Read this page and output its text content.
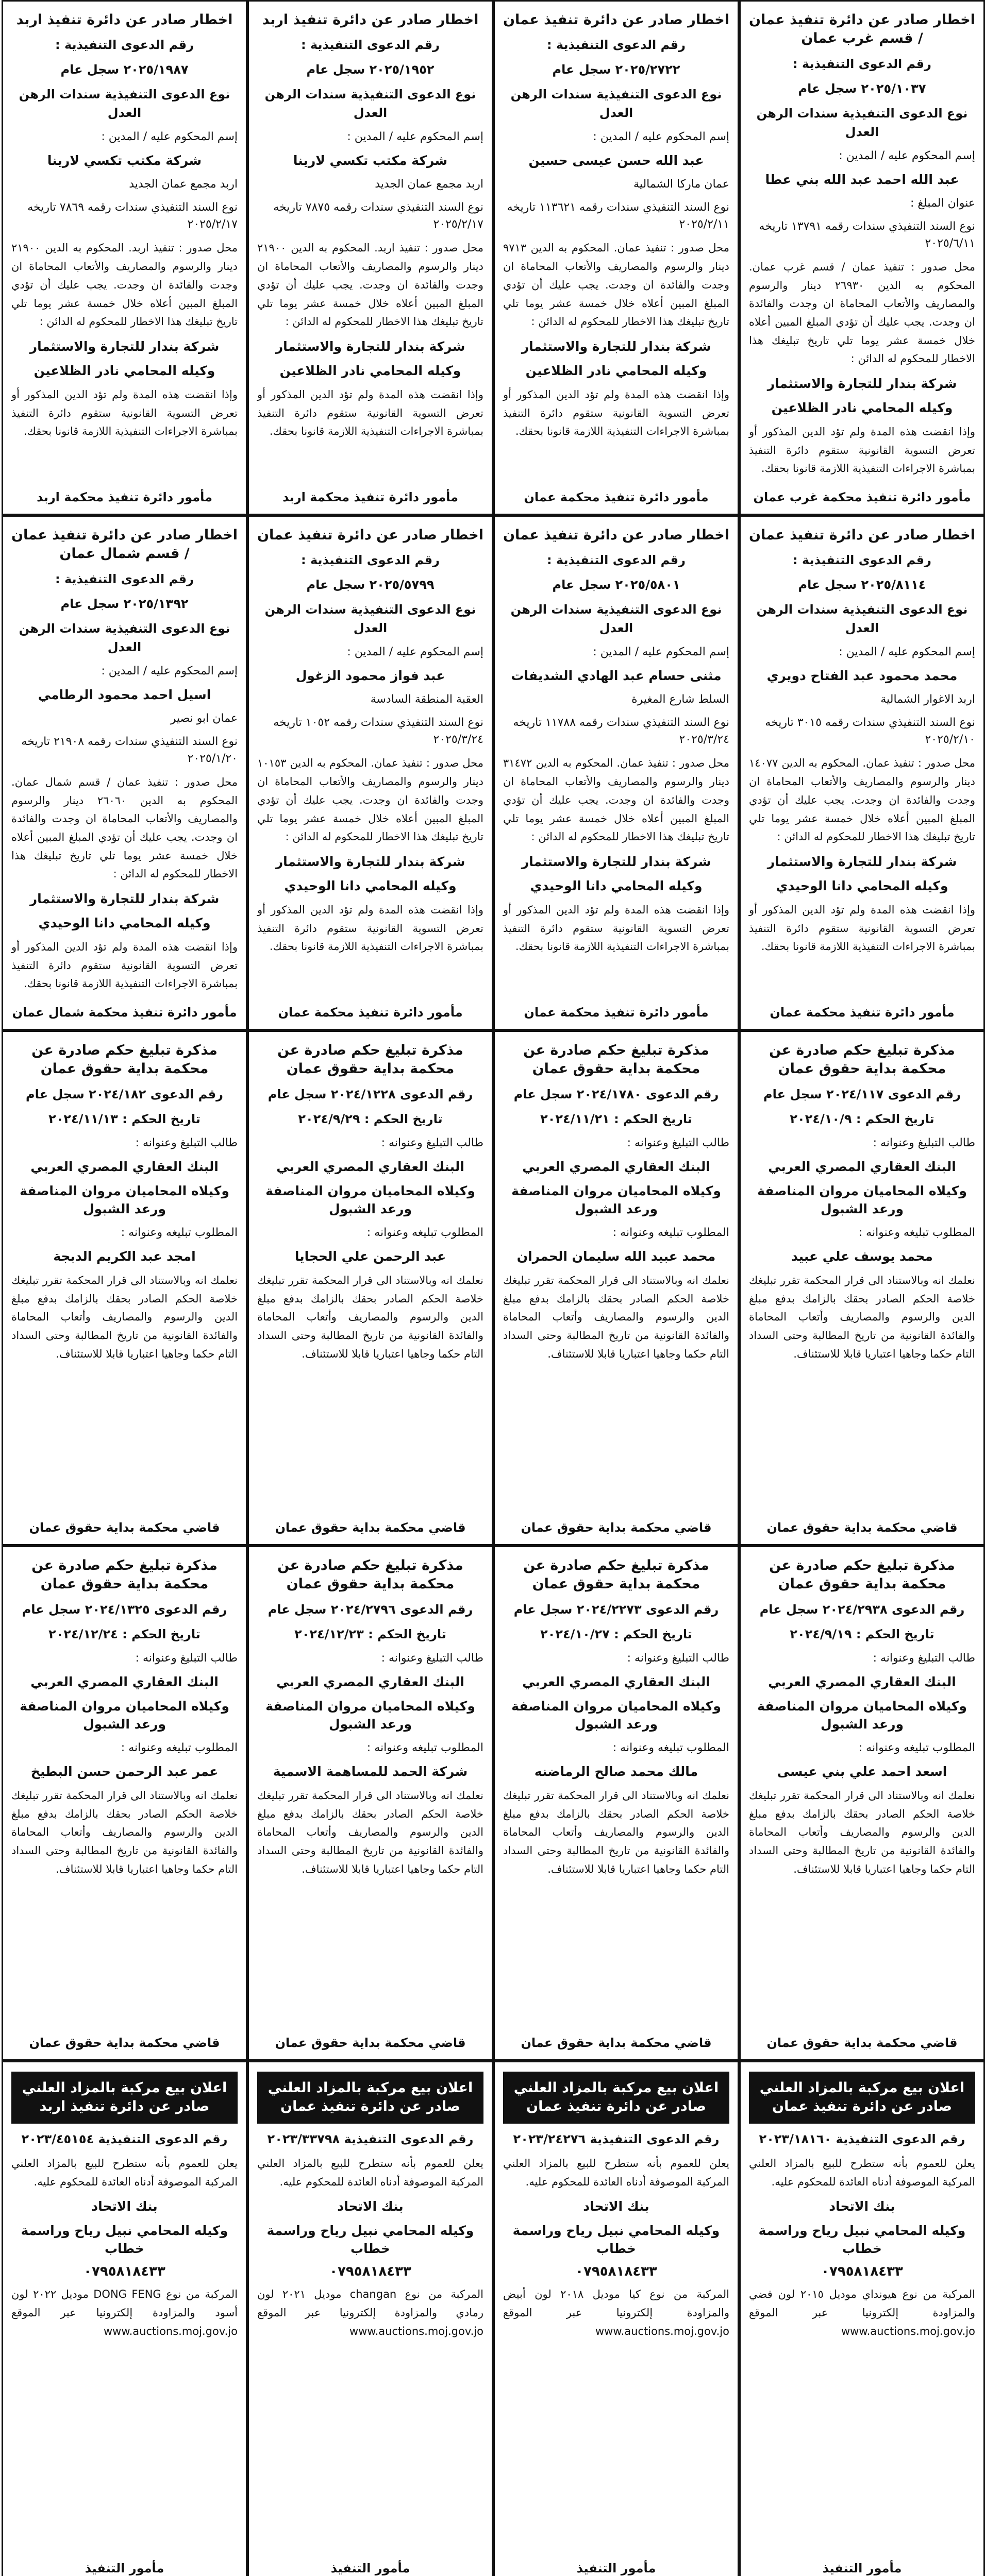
اخطار صادر عن دائرة تنفيذ عمان / قسم غرب عمان
رقم الدعوى التنفيذية :
٢٠٢٥/١٠٣٧ سجل عام
نوع الدعوى التنفيذية سندات الرهن العدل
إسم المحكوم عليه / المدين :
عبد الله احمد عبد الله بني عطا
عنوان المبلغ :
نوع السند التنفيذي سندات رقمه ١٣٧٩١ تاريخه ٢٠٢٥/٦/١١
محل صدور : تنفيذ عمان / قسم غرب عمان. المحكوم به الدين ٢٦٩٣٠ دينار والرسوم والمصاريف والأتعاب المحاماة ان وجدت والفائدة ان وجدت. يجب عليك أن تؤدي المبلغ المبين أعلاه خلال خمسة عشر يوما تلي تاريخ تبليغك هذا الاخطار للمحكوم له الدائن :
شركة بندار للتجارة والاستثمار
وكيله المحامي نادر الظلاعين
وإذا انقضت هذه المدة ولم تؤد الدين المذكور أو تعرض التسوية القانونية ستقوم دائرة التنفيذ بمباشرة الاجراءات التنفيذية اللازمة قانونا بحقك.
مأمور دائرة تنفيذ محكمة غرب عمان
اخطار صادر عن دائرة تنفيذ عمان
رقم الدعوى التنفيذية :
٢٠٢٥/٢٧٢٢ سجل عام
نوع الدعوى التنفيذية سندات الرهن العدل
إسم المحكوم عليه / المدين :
عبد الله حسن عيسى حسين
عمان ماركا الشمالية
نوع السند التنفيذي سندات رقمه ١١٣٦٢١ تاريخه ٢٠٢٥/٢/١١
محل صدور : تنفيذ عمان. المحكوم به الدين ٩٧١٣ دينار والرسوم والمصاريف والأتعاب المحاماة ان وجدت والفائدة ان وجدت. يجب عليك أن تؤدي المبلغ المبين أعلاه خلال خمسة عشر يوما تلي تاريخ تبليغك هذا الاخطار للمحكوم له الدائن :
شركة بندار للتجارة والاستثمار
وكيله المحامي نادر الظلاعين
وإذا انقضت هذه المدة ولم تؤد الدين المذكور أو تعرض التسوية القانونية ستقوم دائرة التنفيذ بمباشرة الاجراءات التنفيذية اللازمة قانونا بحقك.
مأمور دائرة تنفيذ محكمة عمان
اخطار صادر عن دائرة تنفيذ اربد
رقم الدعوى التنفيذية :
٢٠٢٥/١٩٥٢ سجل عام
نوع الدعوى التنفيذية سندات الرهن العدل
إسم المحكوم عليه / المدين :
شركة مكتب تكسي لارينا
اربد مجمع عمان الجديد
نوع السند التنفيذي سندات رقمه ٧٨٧٥ تاريخه ٢٠٢٥/٢/١٧
محل صدور : تنفيذ اربد. المحكوم به الدين ٢١٩٠٠ دينار والرسوم والمصاريف والأتعاب المحاماة ان وجدت والفائدة ان وجدت. يجب عليك أن تؤدي المبلغ المبين أعلاه خلال خمسة عشر يوما تلي تاريخ تبليغك هذا الاخطار للمحكوم له الدائن :
شركة بندار للتجارة والاستثمار
وكيله المحامي نادر الظلاعين
وإذا انقضت هذه المدة ولم تؤد الدين المذكور أو تعرض التسوية القانونية ستقوم دائرة التنفيذ بمباشرة الاجراءات التنفيذية اللازمة قانونا بحقك.
مأمور دائرة تنفيذ محكمة اربد
اخطار صادر عن دائرة تنفيذ اربد
رقم الدعوى التنفيذية :
٢٠٢٥/١٩٨٧ سجل عام
نوع الدعوى التنفيذية سندات الرهن العدل
إسم المحكوم عليه / المدين :
شركة مكتب تكسي لارينا
اربد مجمع عمان الجديد
نوع السند التنفيذي سندات رقمه ٧٨٦٩ تاريخه ٢٠٢٥/٢/١٧
محل صدور : تنفيذ اربد. المحكوم به الدين ٢١٩٠٠ دينار والرسوم والمصاريف والأتعاب المحاماة ان وجدت والفائدة ان وجدت. يجب عليك أن تؤدي المبلغ المبين أعلاه خلال خمسة عشر يوما تلي تاريخ تبليغك هذا الاخطار للمحكوم له الدائن :
شركة بندار للتجارة والاستثمار
وكيله المحامي نادر الظلاعين
وإذا انقضت هذه المدة ولم تؤد الدين المذكور أو تعرض التسوية القانونية ستقوم دائرة التنفيذ بمباشرة الاجراءات التنفيذية اللازمة قانونا بحقك.
مأمور دائرة تنفيذ محكمة اربد
اخطار صادر عن دائرة تنفيذ عمان
رقم الدعوى التنفيذية :
٢٠٢٥/٨١١٤ سجل عام
نوع الدعوى التنفيذية سندات الرهن العدل
إسم المحكوم عليه / المدين :
محمد محمود عبد الفتاح دويري
اربد الاغوار الشمالية
نوع السند التنفيذي سندات رقمه ٣٠١٥ تاريخه ٢٠٢٥/٢/١٠
محل صدور : تنفيذ عمان. المحكوم به الدين ١٤٠٧٧ دينار والرسوم والمصاريف والأتعاب المحاماة ان وجدت والفائدة ان وجدت. يجب عليك أن تؤدي المبلغ المبين أعلاه خلال خمسة عشر يوما تلي تاريخ تبليغك هذا الاخطار للمحكوم له الدائن :
شركة بندار للتجارة والاستثمار
وكيله المحامي دانا الوحيدي
وإذا انقضت هذه المدة ولم تؤد الدين المذكور أو تعرض التسوية القانونية ستقوم دائرة التنفيذ بمباشرة الاجراءات التنفيذية اللازمة قانونا بحقك.
مأمور دائرة تنفيذ محكمة عمان
اخطار صادر عن دائرة تنفيذ عمان
رقم الدعوى التنفيذية :
٢٠٢٥/٥٨٠١ سجل عام
نوع الدعوى التنفيذية سندات الرهن العدل
إسم المحكوم عليه / المدين :
مثنى حسام عبد الهادي الشديفات
السلط شارع المغيرة
نوع السند التنفيذي سندات رقمه ١١٧٨٨ تاريخه ٢٠٢٥/٣/٢٤
محل صدور : تنفيذ عمان. المحكوم به الدين ٣١٤٧٢ دينار والرسوم والمصاريف والأتعاب المحاماة ان وجدت والفائدة ان وجدت. يجب عليك أن تؤدي المبلغ المبين أعلاه خلال خمسة عشر يوما تلي تاريخ تبليغك هذا الاخطار للمحكوم له الدائن :
شركة بندار للتجارة والاستثمار
وكيله المحامي دانا الوحيدي
وإذا انقضت هذه المدة ولم تؤد الدين المذكور أو تعرض التسوية القانونية ستقوم دائرة التنفيذ بمباشرة الاجراءات التنفيذية اللازمة قانونا بحقك.
مأمور دائرة تنفيذ محكمة عمان
اخطار صادر عن دائرة تنفيذ عمان
رقم الدعوى التنفيذية :
٢٠٢٥/٥٧٩٩ سجل عام
نوع الدعوى التنفيذية سندات الرهن العدل
إسم المحكوم عليه / المدين :
عبد فواز محمود الزغول
العقبة المنطقة السادسة
نوع السند التنفيذي سندات رقمه ١٠٥٢ تاريخه ٢٠٢٥/٣/٢٤
محل صدور : تنفيذ عمان. المحكوم به الدين ١٠١٥٣ دينار والرسوم والمصاريف والأتعاب المحاماة ان وجدت والفائدة ان وجدت. يجب عليك أن تؤدي المبلغ المبين أعلاه خلال خمسة عشر يوما تلي تاريخ تبليغك هذا الاخطار للمحكوم له الدائن :
شركة بندار للتجارة والاستثمار
وكيله المحامي دانا الوحيدي
وإذا انقضت هذه المدة ولم تؤد الدين المذكور أو تعرض التسوية القانونية ستقوم دائرة التنفيذ بمباشرة الاجراءات التنفيذية اللازمة قانونا بحقك.
مأمور دائرة تنفيذ محكمة عمان
اخطار صادر عن دائرة تنفيذ عمان / قسم شمال عمان
رقم الدعوى التنفيذية :
٢٠٢٥/١٣٩٢ سجل عام
نوع الدعوى التنفيذية سندات الرهن العدل
إسم المحكوم عليه / المدين :
اسيل احمد محمود الرطامي
عمان ابو نصير
نوع السند التنفيذي سندات رقمه ٢١٩٠٨ تاريخه ٢٠٢٥/١/٢٠
محل صدور : تنفيذ عمان / قسم شمال عمان. المحكوم به الدين ٢٦٠٦٠ دينار والرسوم والمصاريف والأتعاب المحاماة ان وجدت والفائدة ان وجدت. يجب عليك أن تؤدي المبلغ المبين أعلاه خلال خمسة عشر يوما تلي تاريخ تبليغك هذا الاخطار للمحكوم له الدائن :
شركة بندار للتجارة والاستثمار
وكيله المحامي دانا الوحيدي
وإذا انقضت هذه المدة ولم تؤد الدين المذكور أو تعرض التسوية القانونية ستقوم دائرة التنفيذ بمباشرة الاجراءات التنفيذية اللازمة قانونا بحقك.
مأمور دائرة تنفيذ محكمة شمال عمان
مذكرة تبليغ حكم صادرة عن محكمة بداية حقوق عمان
رقم الدعوى ٢٠٢٤/١١٧ سجل عام
تاريخ الحكم : ٢٠٢٤/١٠/٩
طالب التبليغ وعنوانه :
البنك العقاري المصري العربي
وكيلاه المحاميان مروان المناصفة ورعد الشبول
المطلوب تبليغه وعنوانه :
محمد يوسف علي عبيد
نعلمك انه وبالاستناد الى قرار المحكمة تقرر تبليغك خلاصة الحكم الصادر بحقك بالزامك بدفع مبلغ الدين والرسوم والمصاريف وأتعاب المحاماة والفائدة القانونية من تاريخ المطالبة وحتى السداد التام حكما وجاهيا اعتباريا قابلا للاستئناف.
قاضي محكمة بداية حقوق عمان
مذكرة تبليغ حكم صادرة عن محكمة بداية حقوق عمان
رقم الدعوى ٢٠٢٤/١٧٨٠ سجل عام
تاريخ الحكم : ٢٠٢٤/١١/٢١
طالب التبليغ وعنوانه :
البنك العقاري المصري العربي
وكيلاه المحاميان مروان المناصفة ورعد الشبول
المطلوب تبليغه وعنوانه :
محمد عبيد الله سليمان الحمران
نعلمك انه وبالاستناد الى قرار المحكمة تقرر تبليغك خلاصة الحكم الصادر بحقك بالزامك بدفع مبلغ الدين والرسوم والمصاريف وأتعاب المحاماة والفائدة القانونية من تاريخ المطالبة وحتى السداد التام حكما وجاهيا اعتباريا قابلا للاستئناف.
قاضي محكمة بداية حقوق عمان
مذكرة تبليغ حكم صادرة عن محكمة بداية حقوق عمان
رقم الدعوى ٢٠٢٤/١٢٢٨ سجل عام
تاريخ الحكم : ٢٠٢٤/٩/٢٩
طالب التبليغ وعنوانه :
البنك العقاري المصري العربي
وكيلاه المحاميان مروان المناصفة ورعد الشبول
المطلوب تبليغه وعنوانه :
عبد الرحمن علي الحجايا
نعلمك انه وبالاستناد الى قرار المحكمة تقرر تبليغك خلاصة الحكم الصادر بحقك بالزامك بدفع مبلغ الدين والرسوم والمصاريف وأتعاب المحاماة والفائدة القانونية من تاريخ المطالبة وحتى السداد التام حكما وجاهيا اعتباريا قابلا للاستئناف.
قاضي محكمة بداية حقوق عمان
مذكرة تبليغ حكم صادرة عن محكمة بداية حقوق عمان
رقم الدعوى ٢٠٢٤/١٨٢ سجل عام
تاريخ الحكم : ٢٠٢٤/١١/١٣
طالب التبليغ وعنوانه :
البنك العقاري المصري العربي
وكيلاه المحاميان مروان المناصفة ورعد الشبول
المطلوب تبليغه وعنوانه :
امجد عبد الكريم الدبجة
نعلمك انه وبالاستناد الى قرار المحكمة تقرر تبليغك خلاصة الحكم الصادر بحقك بالزامك بدفع مبلغ الدين والرسوم والمصاريف وأتعاب المحاماة والفائدة القانونية من تاريخ المطالبة وحتى السداد التام حكما وجاهيا اعتباريا قابلا للاستئناف.
قاضي محكمة بداية حقوق عمان
مذكرة تبليغ حكم صادرة عن محكمة بداية حقوق عمان
رقم الدعوى ٢٠٢٤/٢٩٣٨ سجل عام
تاريخ الحكم : ٢٠٢٤/٩/١٩
طالب التبليغ وعنوانه :
البنك العقاري المصري العربي
وكيلاه المحاميان مروان المناصفة ورعد الشبول
المطلوب تبليغه وعنوانه :
اسعد احمد علي بني عيسى
نعلمك انه وبالاستناد الى قرار المحكمة تقرر تبليغك خلاصة الحكم الصادر بحقك بالزامك بدفع مبلغ الدين والرسوم والمصاريف وأتعاب المحاماة والفائدة القانونية من تاريخ المطالبة وحتى السداد التام حكما وجاهيا اعتباريا قابلا للاستئناف.
قاضي محكمة بداية حقوق عمان
مذكرة تبليغ حكم صادرة عن محكمة بداية حقوق عمان
رقم الدعوى ٢٠٢٤/٢٢٧٣ سجل عام
تاريخ الحكم : ٢٠٢٤/١٠/٢٧
طالب التبليغ وعنوانه :
البنك العقاري المصري العربي
وكيلاه المحاميان مروان المناصفة ورعد الشبول
المطلوب تبليغه وعنوانه :
مالك محمد صالح الرماضنه
نعلمك انه وبالاستناد الى قرار المحكمة تقرر تبليغك خلاصة الحكم الصادر بحقك بالزامك بدفع مبلغ الدين والرسوم والمصاريف وأتعاب المحاماة والفائدة القانونية من تاريخ المطالبة وحتى السداد التام حكما وجاهيا اعتباريا قابلا للاستئناف.
قاضي محكمة بداية حقوق عمان
مذكرة تبليغ حكم صادرة عن محكمة بداية حقوق عمان
رقم الدعوى ٢٠٢٤/٢٧٩٦ سجل عام
تاريخ الحكم : ٢٠٢٤/١٢/٢٣
طالب التبليغ وعنوانه :
البنك العقاري المصري العربي
وكيلاه المحاميان مروان المناصفة ورعد الشبول
المطلوب تبليغه وعنوانه :
شركة الحمد للمساهمة الاسمية
نعلمك انه وبالاستناد الى قرار المحكمة تقرر تبليغك خلاصة الحكم الصادر بحقك بالزامك بدفع مبلغ الدين والرسوم والمصاريف وأتعاب المحاماة والفائدة القانونية من تاريخ المطالبة وحتى السداد التام حكما وجاهيا اعتباريا قابلا للاستئناف.
قاضي محكمة بداية حقوق عمان
مذكرة تبليغ حكم صادرة عن محكمة بداية حقوق عمان
رقم الدعوى ٢٠٢٤/١٣٢٥ سجل عام
تاريخ الحكم : ٢٠٢٤/١٢/٢٤
طالب التبليغ وعنوانه :
البنك العقاري المصري العربي
وكيلاه المحاميان مروان المناصفة ورعد الشبول
المطلوب تبليغه وعنوانه :
عمر عبد الرحمن حسن البطيخ
نعلمك انه وبالاستناد الى قرار المحكمة تقرر تبليغك خلاصة الحكم الصادر بحقك بالزامك بدفع مبلغ الدين والرسوم والمصاريف وأتعاب المحاماة والفائدة القانونية من تاريخ المطالبة وحتى السداد التام حكما وجاهيا اعتباريا قابلا للاستئناف.
قاضي محكمة بداية حقوق عمان
اعلان بيع مركبة بالمزاد العلني صادر عن دائرة تنفيذ عمان
رقم الدعوى التنفيذية ٢٠٢٣/١٨١٦٠
يعلن للعموم بأنه ستطرح للبيع بالمزاد العلني المركبة الموصوفة أدناه العائدة للمحكوم عليه.
بنك الاتحاد
وكيله المحامي نبيل رياح وراسمة خطاب
٠٧٩٥٨١٨٤٣٣
المركبة من نوع هيونداي موديل ٢٠١٥ لون فضي والمزاودة إلكترونيا عبر الموقع www.auctions.moj.gov.jo
مأمور التنفيذ
اعلان بيع مركبة بالمزاد العلني صادر عن دائرة تنفيذ عمان
رقم الدعوى التنفيذية ٢٠٢٣/٢٤٢٧٦
يعلن للعموم بأنه ستطرح للبيع بالمزاد العلني المركبة الموصوفة أدناه العائدة للمحكوم عليه.
بنك الاتحاد
وكيله المحامي نبيل رياح وراسمة خطاب
٠٧٩٥٨١٨٤٣٣
المركبة من نوع كيا موديل ٢٠١٨ لون أبيض والمزاودة إلكترونيا عبر الموقع www.auctions.moj.gov.jo
مأمور التنفيذ
اعلان بيع مركبة بالمزاد العلني صادر عن دائرة تنفيذ عمان
رقم الدعوى التنفيذية ٢٠٢٣/٣٣٧٩٨
يعلن للعموم بأنه ستطرح للبيع بالمزاد العلني المركبة الموصوفة أدناه العائدة للمحكوم عليه.
بنك الاتحاد
وكيله المحامي نبيل رياح وراسمة خطاب
٠٧٩٥٨١٨٤٣٣
المركبة من نوع changan موديل ٢٠٢١ لون رمادي والمزاودة إلكترونيا عبر الموقع www.auctions.moj.gov.jo
مأمور التنفيذ
اعلان بيع مركبة بالمزاد العلني صادر عن دائرة تنفيذ اربد
رقم الدعوى التنفيذية ٢٠٢٣/٤٥١٥٤
يعلن للعموم بأنه ستطرح للبيع بالمزاد العلني المركبة الموصوفة أدناه العائدة للمحكوم عليه.
بنك الاتحاد
وكيله المحامي نبيل رياح وراسمة خطاب
٠٧٩٥٨١٨٤٣٣
المركبة من نوع DONG FENG موديل ٢٠٢٢ لون أسود والمزاودة إلكترونيا عبر الموقع www.auctions.moj.gov.jo
مأمور التنفيذ
